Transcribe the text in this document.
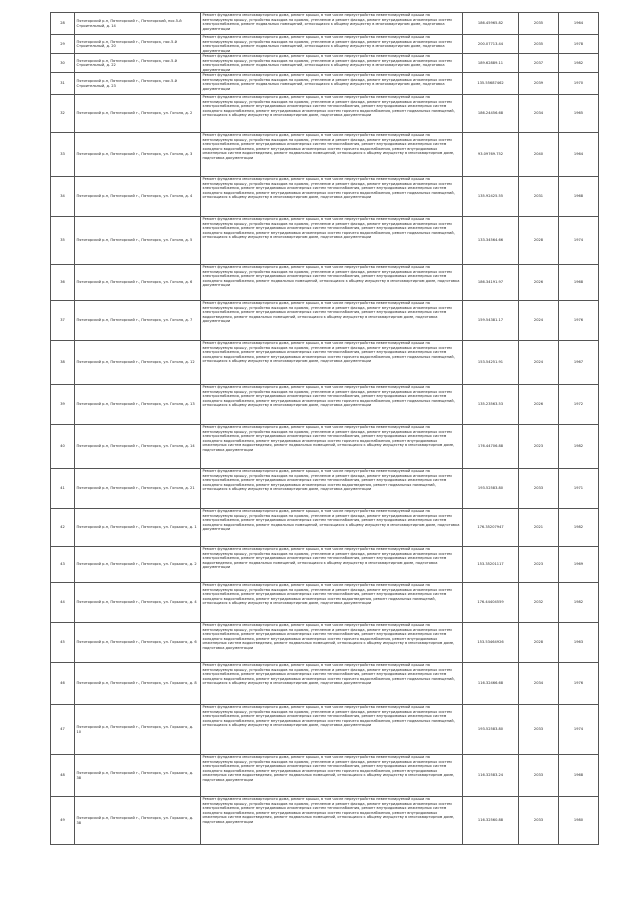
28	Пятигорский р-н, Пятигорский г., Пятигорский, пос.5-й Строительный, д. 14	Ремонт фундамента многоквартирного дома, ремонт крыши, в том числе переустройство невентилируемой крыши на вентилируемую крышу, устройство выходов на кровлю, утепление и ремонт фасада, ремонт внутридомовых инженерных систем электроснабжения, ремонт подвальных помещений, относящихся к общему имуществу в многоквартирном доме, подготовка документации	186.45965.82	2035	1964
29	Пятигорский р-н, Пятигорский г., Пятигорск, пос.5-й Строительный, д. 20	Ремонт фундамента многоквартирного дома, ремонт крыши, в том числе переустройство невентилируемой крыши на вентилируемую крышу, устройство выходов на кровлю, утепление и ремонт фасада, ремонт внутридомовых инженерных систем электроснабжения, ремонт подвальных помещений, относящихся к общему имуществу в многоквартирном доме, подготовка документации	200.07713.44	2035	1978
30	Пятигорский р-н, Пятигорский г., Пятигорск, пос.5-й Строительный, д. 22	Ремонт фундамента многоквартирного дома, ремонт крыши, в том числе переустройство невентилируемой крыши на вентилируемую крышу, устройство выходов на кровлю, утепление и ремонт фасада, ремонт внутридомовых инженерных систем электроснабжения, ремонт подвальных помещений, относящихся к общему имуществу в многоквартирном доме, подготовка документации	189.62889.11	2037	1982
31	Пятигорский р-н, Пятигорский г., Пятигорск, пос.5-й Строительный, д. 23	Ремонт фундамента многоквартирного дома, ремонт крыши, в том числе переустройство невентилируемой крыши на вентилируемую крышу, устройство выходов на кровлю, утепление и ремонт фасада, ремонт внутридомовых инженерных систем электроснабжения, ремонт подвальных помещений, относящихся к общему имуществу в многоквартирном доме, подготовка документации	135.55687462	2039	1970
32	Пятигорский р-н, Пятигорский г., Пятигорск, ул. Гоголя, д. 2	Ремонт фундамента многоквартирного дома, ремонт крыши, в том числе переустройство невентилируемой крыши на вентилируемую крышу, устройство выходов на кровлю, утепление и ремонт фасада, ремонт внутридомовых инженерных систем электроснабжения, ремонт внутридомовых инженерных систем теплоснабжения, ремонт внутридомовых инженерных систем холодного водоснабжения, ремонт внутридомовых инженерных систем горячего водоснабжения, ремонт подвальных помещений, относящихся к общему имуществу в многоквартирном доме, подготовка документации	186.24456.68	2034	1965
33	Пятигорский р-н, Пятигорский г., Пятигорск, ул. Гоголя, д. 3	Ремонт фундамента многоквартирного дома, ремонт крыши, в том числе переустройство невентилируемой крыши на вентилируемую крышу, устройство выходов на кровлю, утепление и ремонт фасада, ремонт внутридомовых инженерных систем электроснабжения, ремонт внутридомовых инженерных систем теплоснабжения, ремонт внутридомовых инженерных систем холодного водоснабжения, ремонт внутридомовых инженерных систем горячего водоснабжения, ремонт внутридомовых инженерных систем водоотведения, ремонт подвальных помещений, относящихся к общему имуществу в многоквартирном доме, подготовка документации	93.09769.752	2040	1964
34	Пятигорский р-н, Пятигорский г., Пятигорск, ул. Гоголя, д. 4	Ремонт фундамента многоквартирного дома, ремонт крыши, в том числе переустройство невентилируемой крыши на вентилируемую крышу, устройство выходов на кровлю, утепление и ремонт фасада, ремонт внутридомовых инженерных систем электроснабжения, ремонт внутридомовых инженерных систем теплоснабжения, ремонт внутридомовых инженерных систем холодного водоснабжения, ремонт внутридомовых инженерных систем горячего водоснабжения, ремонт подвальных помещений, относящихся к общему имуществу в многоквартирном доме, подготовка документации	135.92425.55	2031	1968
35	Пятигорский р-н, Пятигорский г., Пятигорск, ул. Гоголя, д. 5	Ремонт фундамента многоквартирного дома, ремонт крыши, в том числе переустройство невентилируемой крыши на вентилируемую крышу, устройство выходов на кровлю, утепление и ремонт фасада, ремонт внутридомовых инженерных систем электроснабжения, ремонт внутридомовых инженерных систем теплоснабжения, ремонт внутридомовых инженерных систем холодного водоснабжения, ремонт внутридомовых инженерных систем горячего водоснабжения, ремонт подвальных помещений, относящихся к общему имуществу в многоквартирном доме, подготовка документации	133.34564.66	2028	1974
36	Пятигорский р-н, Пятигорский г., Пятигорск, ул. Гоголя, д. 6	Ремонт фундамента многоквартирного дома, ремонт крыши, в том числе переустройство невентилируемой крыши на вентилируемую крышу, устройство выходов на кровлю, утепление и ремонт фасада, ремонт внутридомовых инженерных систем электроснабжения, ремонт внутридомовых инженерных систем теплоснабжения, ремонт внутридомовых инженерных систем холодного водоснабжения, ремонт подвальных помещений, относящихся к общему имуществу в многоквартирном доме, подготовка документации	186.34191.97	2026	1968
37	Пятигорский р-н, Пятигорский г., Пятигорск, ул. Гоголя, д. 7	Ремонт фундамента многоквартирного дома, ремонт крыши, в том числе переустройство невентилируемой крыши на вентилируемую крышу, устройство выходов на кровлю, утепление и ремонт фасада, ремонт внутридомовых инженерных систем электроснабжения, ремонт внутридомовых инженерных систем теплоснабжения, ремонт внутридомовых инженерных систем водоотведения, ремонт подвальных помещений, относящихся к общему имуществу в многоквартирном доме, подготовка документации	159.54381.17	2024	1976
38	Пятигорский р-н, Пятигорский г., Пятигорск, ул. Гоголя, д. 12	Ремонт фундамента многоквартирного дома, ремонт крыши, в том числе переустройство невентилируемой крыши на вентилируемую крышу, устройство выходов на кровлю, утепление и ремонт фасада, ремонт внутридомовых инженерных систем электроснабжения, ремонт внутридомовых инженерных систем теплоснабжения, ремонт внутридомовых инженерных систем холодного водоснабжения, ремонт внутридомовых инженерных систем горячего водоснабжения, ремонт подвальных помещений, относящихся к общему имуществу в многоквартирном доме, подготовка документации	153.54251.91	2024	1967
39	Пятигорский р-н, Пятигорский г., Пятигорск, ул. Гоголя, д. 13	Ремонт фундамента многоквартирного дома, ремонт крыши, в том числе переустройство невентилируемой крыши на вентилируемую крышу, устройство выходов на кровлю, утепление и ремонт фасада, ремонт внутридомовых инженерных систем электроснабжения, ремонт внутридомовых инженерных систем теплоснабжения, ремонт внутридомовых инженерных систем холодного водоснабжения, ремонт внутридомовых инженерных систем горячего водоснабжения, ремонт подвальных помещений, относящихся к общему имуществу в многоквартирном доме, подготовка документации	135.23563.53	2026	1972
40	Пятигорский р-н, Пятигорский г., Пятигорск, ул. Гоголя, д. 14	Ремонт фундамента многоквартирного дома, ремонт крыши, в том числе переустройство невентилируемой крыши на вентилируемую крышу, устройство выходов на кровлю, утепление и ремонт фасада, ремонт внутридомовых инженерных систем электроснабжения, ремонт внутридомовых инженерных систем теплоснабжения, ремонт внутридомовых инженерных систем холодного водоснабжения, ремонт внутридомовых инженерных систем горячего водоснабжения, ремонт внутридомовых инженерных систем водоотведения, ремонт подвальных помещений, относящихся к общему имуществу в многоквартирном доме, подготовка документации	176.44706.88	2023	1982
41	Пятигорский р-н, Пятигорский г., Пятигорск, ул. Гоголя, д. 21	Ремонт фундамента многоквартирного дома, ремонт крыши, в том числе переустройство невентилируемой крыши на вентилируемую крышу, устройство выходов на кровлю, утепление и ремонт фасада, ремонт внутридомовых инженерных систем электроснабжения, ремонт внутридомовых инженерных систем теплоснабжения, ремонт внутридомовых инженерных систем холодного водоснабжения, ремонт внутридомовых инженерных систем водоотведения, ремонт подвальных помещений, относящихся к общему имуществу в многоквартирном доме, подготовка документации	193.52583.80	2033	1971
42	Пятигорский р-н, Пятигорский г., Пятигорск, ул. Горького, д. 1	Ремонт фундамента многоквартирного дома, ремонт крыши, в том числе переустройство невентилируемой крыши на вентилируемую крышу, устройство выходов на кровлю, утепление и ремонт фасада, ремонт внутридомовых инженерных систем электроснабжения, ремонт внутридомовых инженерных систем теплоснабжения, ремонт внутридомовых инженерных систем холодного водоснабжения, ремонт подвальных помещений, относящихся к общему имуществу в многоквартирном доме, подготовка документации	176.35207947	2021	1982
43	Пятигорский р-н, Пятигорский г., Пятигорск, ул. Горького, д. 2	Ремонт фундамента многоквартирного дома, ремонт крыши, в том числе переустройство невентилируемой крыши на вентилируемую крышу, устройство выходов на кровлю, утепление и ремонт фасада, ремонт внутридомовых инженерных систем электроснабжения, ремонт внутридомовых инженерных систем теплоснабжения, ремонт внутридомовых инженерных систем водоотведения, ремонт подвальных помещений, относящихся к общему имуществу в многоквартирном доме, подготовка документации	153.35201117	2023	1969
44	Пятигорский р-н, Пятигорский г., Пятигорск, ул. Горького, д. 4	Ремонт фундамента многоквартирного дома, ремонт крыши, в том числе переустройство невентилируемой крыши на вентилируемую крышу, устройство выходов на кровлю, утепление и ремонт фасада, ремонт внутридомовых инженерных систем электроснабжения, ремонт внутридомовых инженерных систем теплоснабжения, ремонт внутридомовых инженерных систем холодного водоснабжения, ремонт внутридомовых инженерных систем водоотведения, ремонт подвальных помещений, относящихся к общему имуществу в многоквартирном доме, подготовка документации	176.44404559	2032	1982
45	Пятигорский р-н, Пятигорский г., Пятигорск, ул. Горького, д. 6	Ремонт фундамента многоквартирного дома, ремонт крыши, в том числе переустройство невентилируемой крыши на вентилируемую крышу, устройство выходов на кровлю, утепление и ремонт фасада, ремонт внутридомовых инженерных систем электроснабжения, ремонт внутридомовых инженерных систем теплоснабжения, ремонт внутридомовых инженерных систем холодного водоснабжения, ремонт внутридомовых инженерных систем горячего водоснабжения, ремонт внутридомовых инженерных систем водоотведения, ремонт подвальных помещений, относящихся к общему имуществу в многоквартирном доме, подготовка документации	153.53464926	2028	1963
46	Пятигорский р-н, Пятигорский г., Пятигорск, ул. Горького, д. 8	Ремонт фундамента многоквартирного дома, ремонт крыши, в том числе переустройство невентилируемой крыши на вентилируемую крышу, устройство выходов на кровлю, утепление и ремонт фасада, ремонт внутридомовых инженерных систем электроснабжения, ремонт внутридомовых инженерных систем теплоснабжения, ремонт внутридомовых инженерных систем холодного водоснабжения, ремонт внутридомовых инженерных систем горячего водоснабжения, ремонт подвальных помещений, относящихся к общему имуществу в многоквартирном доме, подготовка документации	116.32466.68	2034	1976
47	Пятигорский р-н, Пятигорский г., Пятигорск, ул. Горького, д. 10	Ремонт фундамента многоквартирного дома, ремонт крыши, в том числе переустройство невентилируемой крыши на вентилируемую крышу, устройство выходов на кровлю, утепление и ремонт фасада, ремонт внутридомовых инженерных систем электроснабжения, ремонт внутридомовых инженерных систем теплоснабжения, ремонт внутридомовых инженерных систем холодного водоснабжения, ремонт внутридомовых инженерных систем горячего водоснабжения, ремонт подвальных помещений, относящихся к общему имуществу в многоквартирном доме, подготовка документации	193.52583.80	2033	1974
48	Пятигорский р-н, Пятигорский г., Пятигорск, ул. Горького, д. 38	Ремонт фундамента многоквартирного дома, ремонт крыши, в том числе переустройство невентилируемой крыши на вентилируемую крышу, устройство выходов на кровлю, утепление и ремонт фасада, ремонт внутридомовых инженерных систем электроснабжения, ремонт внутридомовых инженерных систем теплоснабжения, ремонт внутридомовых инженерных систем холодного водоснабжения, ремонт внутридомовых инженерных систем горячего водоснабжения, ремонт внутридомовых инженерных систем водоотведения, ремонт подвальных помещений, относящихся к общему имуществу в многоквартирном доме, подготовка документации	116.32583.24	2033	1968
49	Пятигорский р-н, Пятигорский г., Пятигорск, ул. Горького, д. 38	Ремонт фундамента многоквартирного дома, ремонт крыши, в том числе переустройство невентилируемой крыши на вентилируемую крышу, устройство выходов на кровлю, утепление и ремонт фасада, ремонт внутридомовых инженерных систем электроснабжения, ремонт внутридомовых инженерных систем теплоснабжения, ремонт внутридомовых инженерных систем холодного водоснабжения, ремонт внутридомовых инженерных систем горячего водоснабжения, ремонт внутридомовых инженерных систем водоотведения, ремонт подвальных помещений, относящихся к общему имуществу в многоквартирном доме, подготовка документации	116.32560.88	2033	1980
